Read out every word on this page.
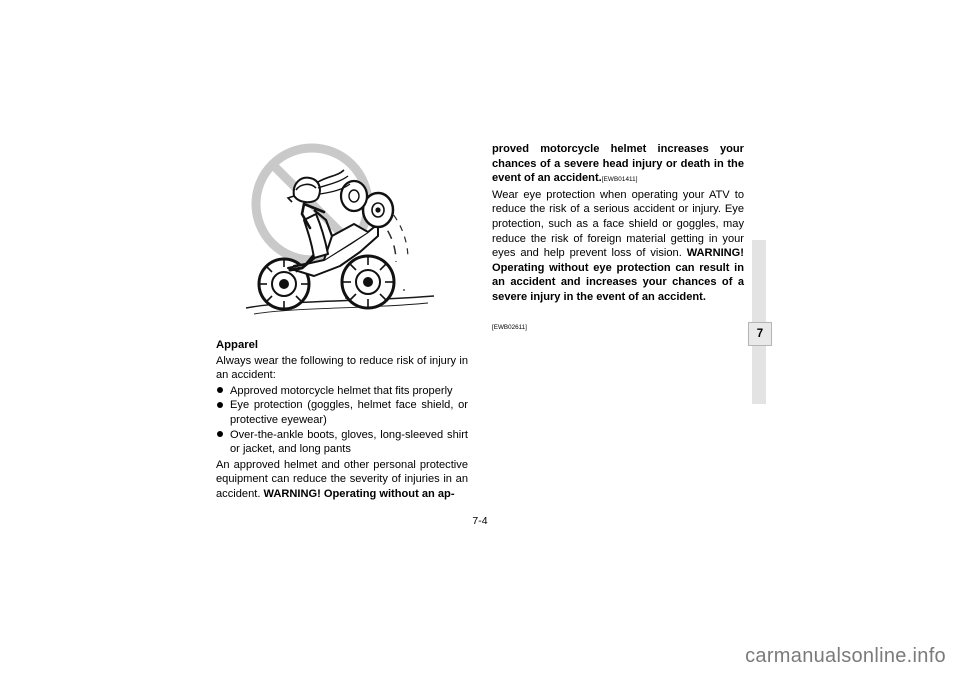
7
Apparel

Always wear the following to reduce risk of injury in an accident:

Approved motorcycle helmet that fits properly
Eye protection (goggles, helmet face shield, or protective eyewear)
Over-the-ankle boots, gloves, long-sleeved shirt or jacket, and long pants

An approved helmet and other personal protective equipment can reduce the severity of injuries in an accident. WARNING! Operating without an ap-

proved motorcycle helmet increases your chances of a severe head injury or death in the event of an accident.[EWB01411]

Wear eye protection when operating your ATV to reduce the risk of a serious accident or injury. Eye protection, such as a face shield or goggles, may reduce the risk of foreign material getting in your eyes and help prevent loss of vision. WARNING! Operating without eye protection can result in an accident and increases your chances of a severe injury in the event of an accident.

[EWB02611]
7-4
carmanualsonline.info
